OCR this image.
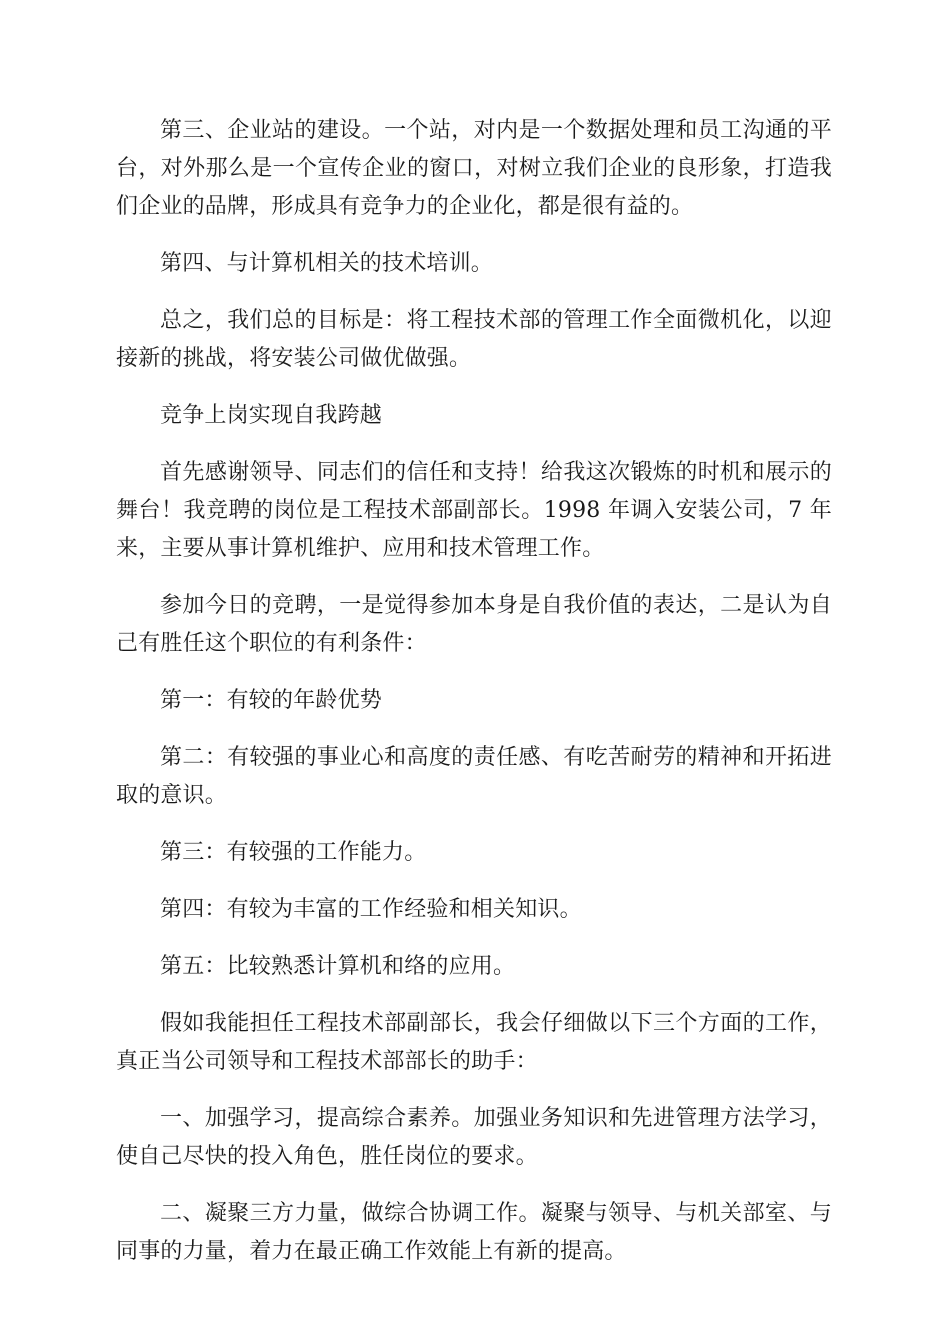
第三、企业站的建设。一个站，对内是一个数据处理和员工沟通的平台，对外那么是一个宣传企业的窗口，对树立我们企业的良形象，打造我们企业的品牌，形成具有竞争力的企业化，都是很有益的。

第四、与计算机相关的技术培训。

总之，我们总的目标是：将工程技术部的管理工作全面微机化，以迎接新的挑战，将安装公司做优做强。

竞争上岗实现自我跨越

首先感谢领导、同志们的信任和支持！给我这次锻炼的时机和展示的舞台！我竞聘的岗位是工程技术部副部长。1998 年调入安装公司，7 年来，主要从事计算机维护、应用和技术管理工作。

参加今日的竞聘，一是觉得参加本身是自我价值的表达，二是认为自己有胜任这个职位的有利条件：

第一：有较的年龄优势

第二：有较强的事业心和高度的责任感、有吃苦耐劳的精神和开拓进取的意识。

第三：有较强的工作能力。

第四：有较为丰富的工作经验和相关知识。

第五：比较熟悉计算机和络的应用。

假如我能担任工程技术部副部长，我会仔细做以下三个方面的工作，真正当公司领导和工程技术部部长的助手：

一、加强学习，提高综合素养。加强业务知识和先进管理方法学习，使自己尽快的投入角色，胜任岗位的要求。

二、凝聚三方力量，做综合协调工作。凝聚与领导、与机关部室、与同事的力量，着力在最正确工作效能上有新的提高。
